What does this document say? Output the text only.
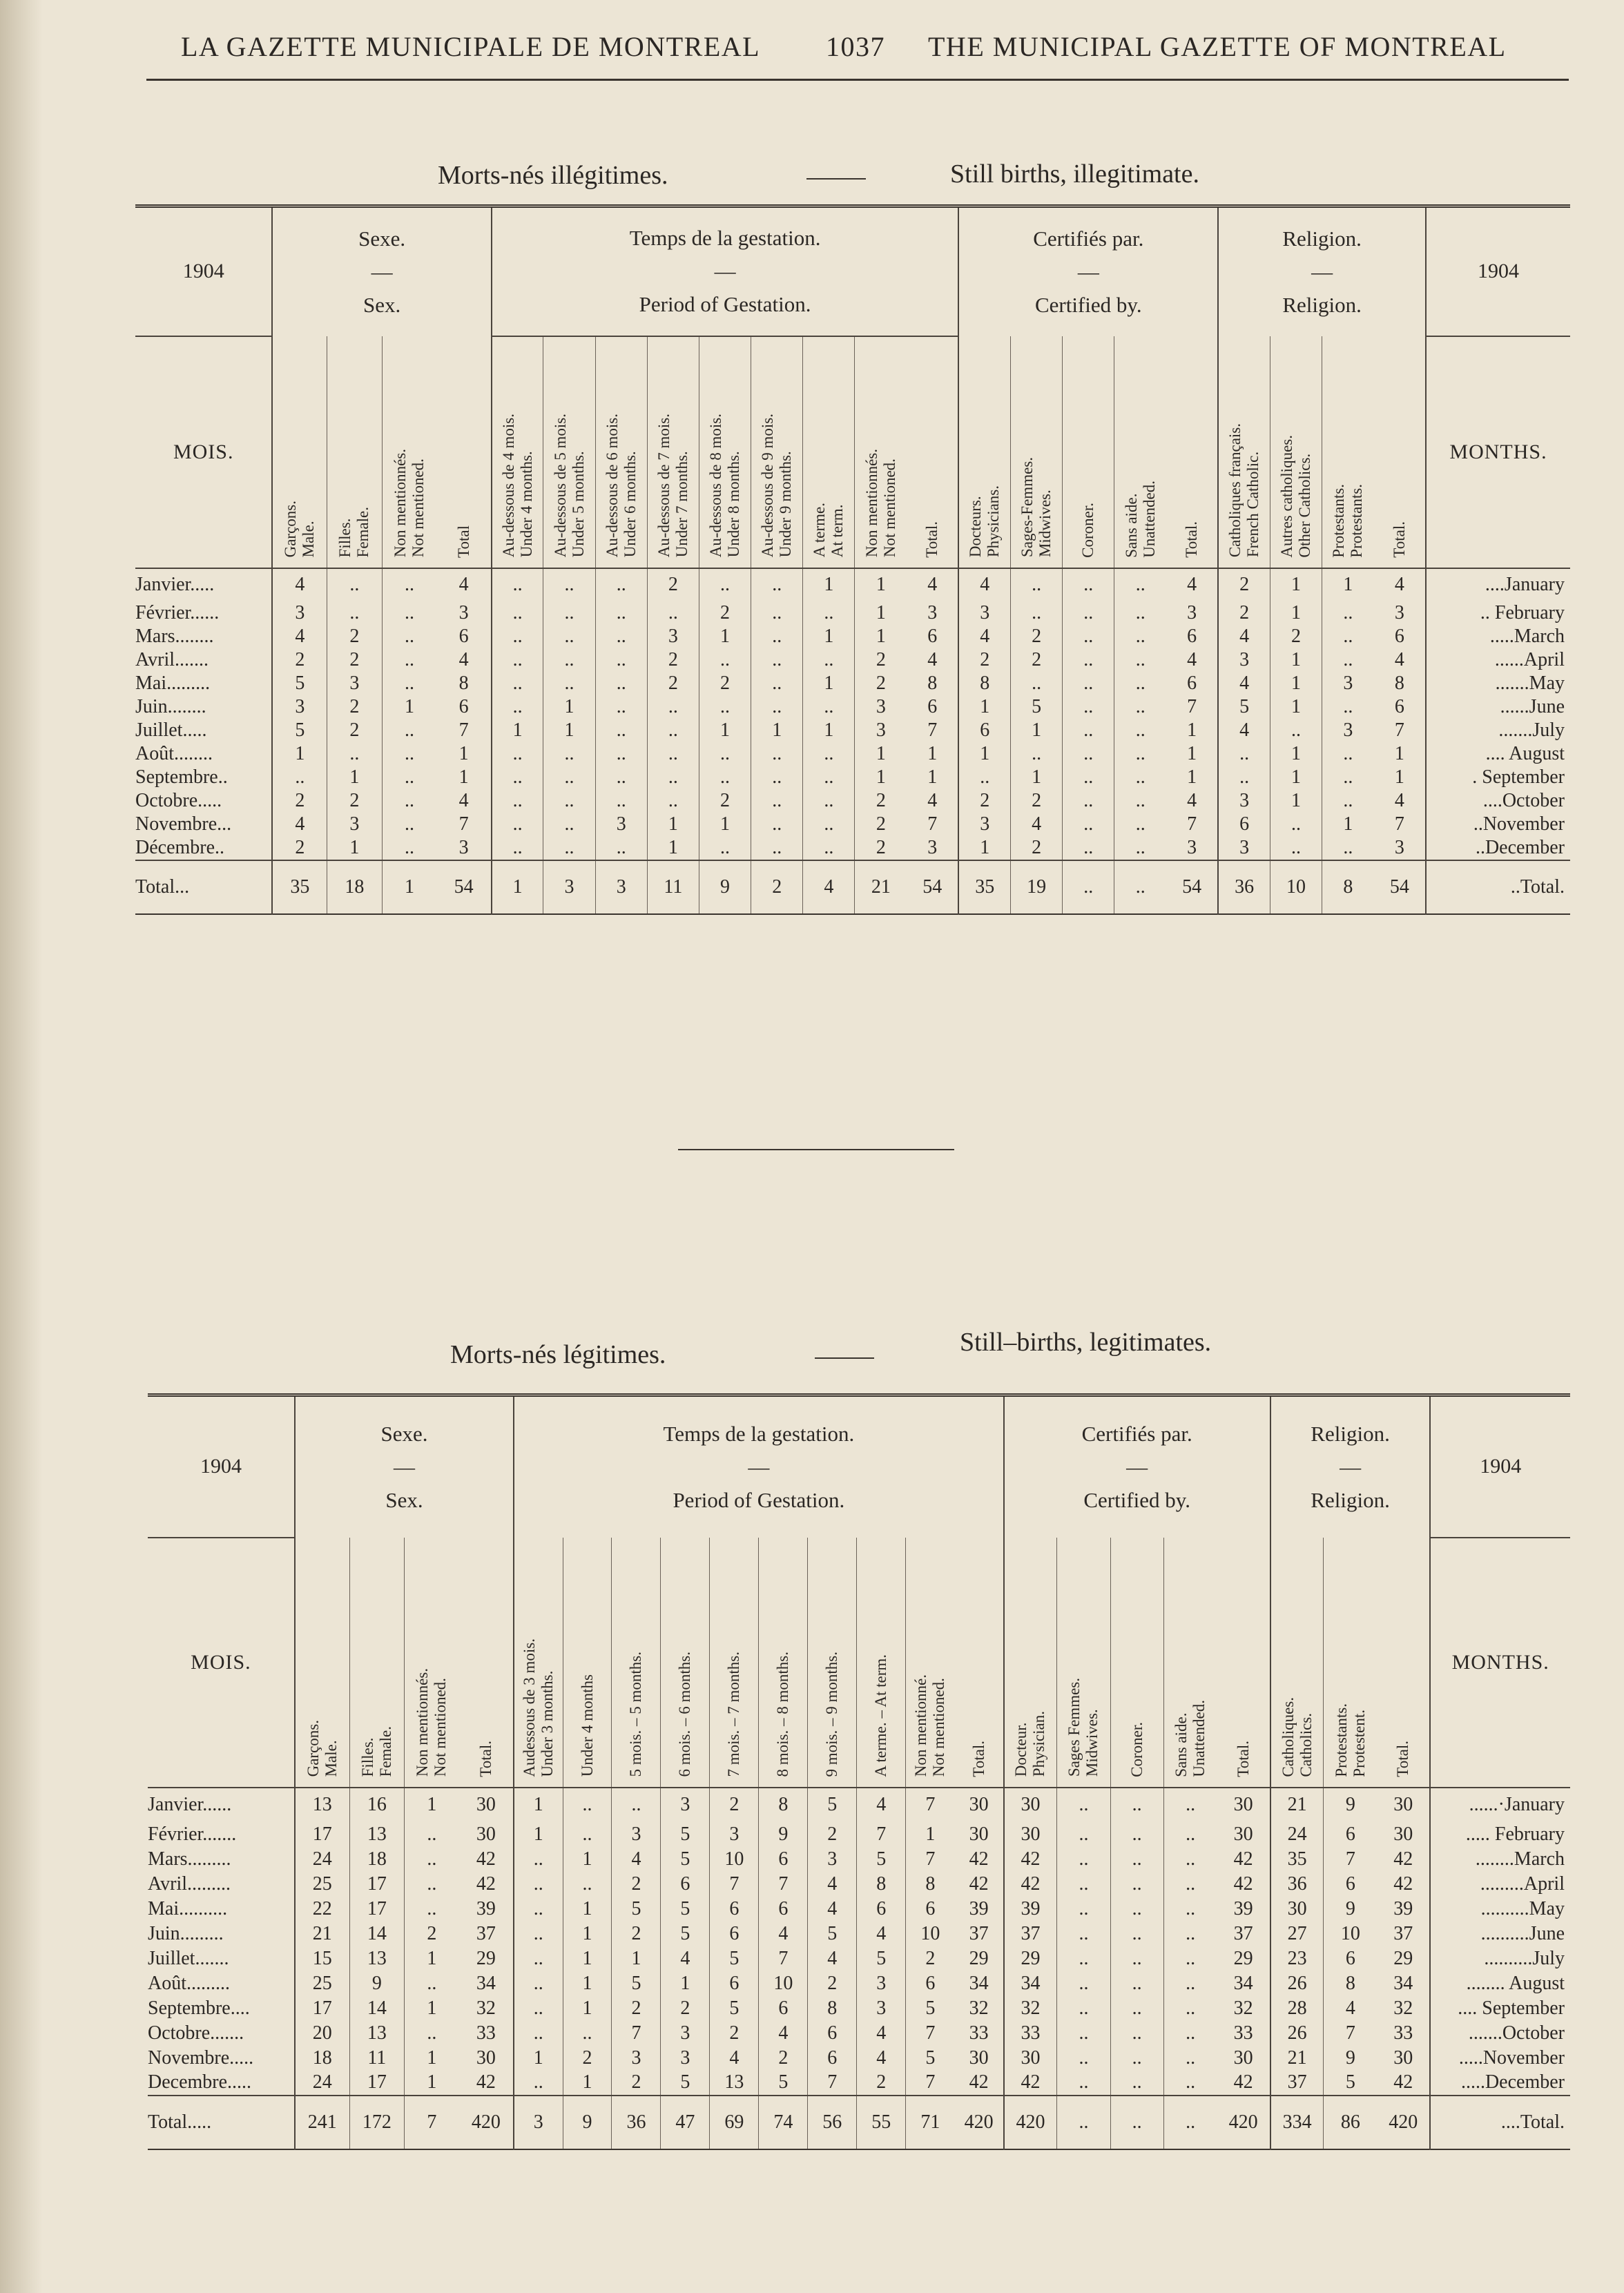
LA GAZETTE MUNICIPALE DE MONTREAL 1037 THE MUNICIPAL GAZETTE OF MONTREAL
Morts-nés illégitimes.	Still births, illegitimate.
1904	Sexe.
—
Sex.				Temps de la gestation.
—
Period of Gestation.									Certifiés par.
—
Certified by.					Religion.
—
Religion.				1904
MOIS.	Garçons.
Male.	Filles.
Female.	Non mentionnés.
Not mentioned.	Total	Au-dessous de 4 mois.
Under 4 months.	Au-dessous de 5 mois.
Under 5 months.	Au-dessous de 6 mois.
Under 6 months.	Au-dessous de 7 mois.
Under 7 months.	Au-dessous de 8 mois.
Under 8 months.	Au-dessous de 9 mois.
Under 9 months.	A terme.
At term.	Non mentionnés.
Not mentioned.	Total.	Docteurs.
Physicians.	Sages-Femmes.
Midwives.	Coroner.	Sans aide.
Unattended.	Total.	Catholiques français.
French Catholic.	Autres catholiques.
Other Catholics.	Protestants.
Protestants.	Total.	MONTHS.
Janvier.....	4	..	..	4	..	..	..	2	..	..	1	1	4	4	..	..	..	4	2	1	1	4	....January
Février......	3	..	..	3	..	..	..	..	2	..	..	1	3	3	..	..	..	3	2	1	..	3	.. February
Mars........	4	2	..	6	..	..	..	3	1	..	1	1	6	4	2	..	..	6	4	2	..	6	.....March
Avril.......	2	2	..	4	..	..	..	2	..	..	..	2	4	2	2	..	..	4	3	1	..	4	......April
Mai.........	5	3	..	8	..	..	..	2	2	..	1	2	8	8	..	..	..	6	4	1	3	8	.......May
Juin........	3	2	1	6	..	1	..	..	..	..	..	3	6	1	5	..	..	7	5	1	..	6	......June
Juillet.....	5	2	..	7	1	1	..	..	1	1	1	3	7	6	1	..	..	1	4	..	3	7	.......July
Août........	1	..	..	1	..	..	..	..	..	..	..	1	1	1	..	..	..	1	..	1	..	1	.... August
Septembre..	..	1	..	1	..	..	..	..	..	..	..	1	1	..	1	..	..	1	..	1	..	1	. September
Octobre.....	2	2	..	4	..	..	..	..	2	..	..	2	4	2	2	..	..	4	3	1	..	4	....October
Novembre...	4	3	..	7	..	..	3	1	1	..	..	2	7	3	4	..	..	7	6	..	1	7	..November
Décembre..	2	1	..	3	..	..	..	1	..	..	..	2	3	1	2	..	..	3	3	..	..	3	..December
Total...	35	18	1	54	1	3	3	11	9	2	4	21	54	35	19	..	..	54	36	10	8	54	..Total.
Morts-nés légitimes.	Still–births, legitimates.
1904	Sexe.
—
Sex.				Temps de la gestation.
—
Period of Gestation.										Certifiés par.
—
Certified by.					Religion.
—
Religion.			1904
MOIS.	Garçons.
Male.	Filles.
Female.	Non mentionnés.
Not mentioned.	Total.	Audessous de 3 mois.
Under 3 months.	Under 4 months	5 mois. – 5 months.	6 mois. – 6 months.	7 mois. – 7 months.	8 mois. – 8 months.	9 mois. – 9 months.	A terme. – At term.	Non mentionné.
Not mentioned.	Total.	Docteur.
Physician.	Sages Femmes.
Midwives.	Coroner.	Sans aide.
Unattended.	Total.	Catholiques.
Catholics.	Protestants.
Protestent.	Total.	MONTHS.
Janvier......	13	16	1	30	1	..	..	3	2	8	5	4	7	30	30	..	..	..	30	21	9	30	......·January
Février.......	17	13	..	30	1	..	3	5	3	9	2	7	1	30	30	..	..	..	30	24	6	30	..... February
Mars.........	24	18	..	42	..	1	4	5	10	6	3	5	7	42	42	..	..	..	42	35	7	42	........March
Avril.........	25	17	..	42	..	..	2	6	7	7	4	8	8	42	42	..	..	..	42	36	6	42	.........April
Mai..........	22	17	..	39	..	1	5	5	6	6	4	6	6	39	39	..	..	..	39	30	9	39	..........May
Juin.........	21	14	2	37	..	1	2	5	6	4	5	4	10	37	37	..	..	..	37	27	10	37	..........June
Juillet.......	15	13	1	29	..	1	1	4	5	7	4	5	2	29	29	..	..	..	29	23	6	29	..........July
Août.........	25	9	..	34	..	1	5	1	6	10	2	3	6	34	34	..	..	..	34	26	8	34	........ August
Septembre....	17	14	1	32	..	1	2	2	5	6	8	3	5	32	32	..	..	..	32	28	4	32	.... September
Octobre.......	20	13	..	33	..	..	7	3	2	4	6	4	7	33	33	..	..	..	33	26	7	33	.......October
Novembre.....	18	11	1	30	1	2	3	3	4	2	6	4	5	30	30	..	..	..	30	21	9	30	.....November
Decembre.....	24	17	1	42	..	1	2	5	13	5	7	2	7	42	42	..	..	..	42	37	5	42	.....December
Total.....	241	172	7	420	3	9	36	47	69	74	56	55	71	420	420	..	..	..	420	334	86	420	....Total.
